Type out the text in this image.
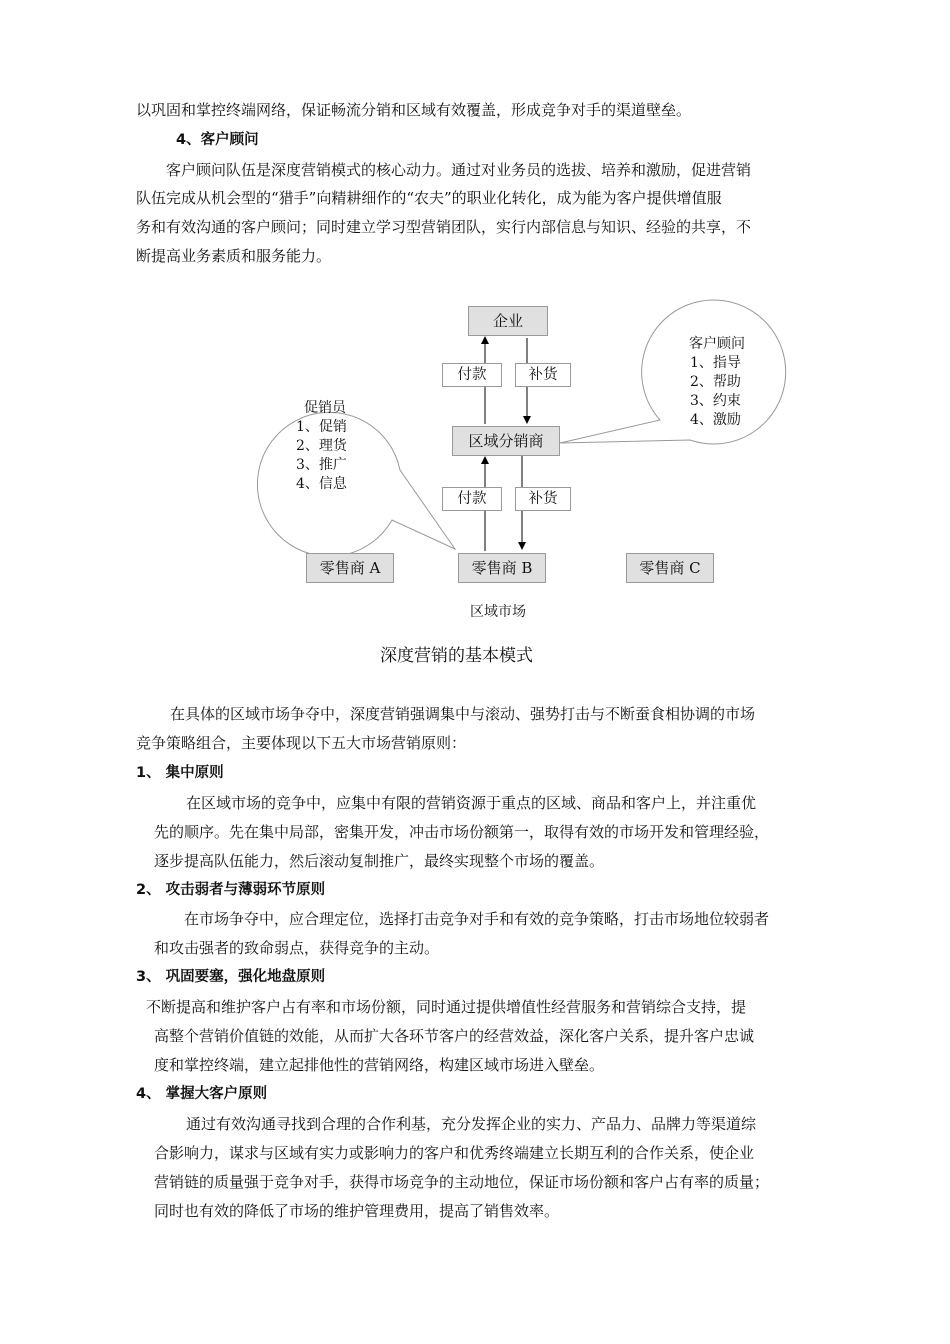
以巩固和掌控终端网络，保证畅流分销和区域有效覆盖，形成竞争对手的渠道壁垒。
4、客户顾问
客户顾问队伍是深度营销模式的核心动力。通过对业务员的选拔、培养和激励，促进营销
队伍完成从机会型的“猎手”向精耕细作的“农夫”的职业化转化，成为能为客户提供增值服
务和有效沟通的客户顾问；同时建立学习型营销团队，实行内部信息与知识、经验的共享，不
断提高业务素质和服务能力。
企业
付款	补货
区域分销商
付款	补货
零售商 A	零售商 B	零售商 C
区域市场
促销员
1、促销
2、理货
3、推广
4、信息
客户顾问
1、指导
2、帮助
3、约束
4、激励
深度营销的基本模式
在具体的区域市场争夺中，深度营销强调集中与滚动、强势打击与不断蚕食相协调的市场
竞争策略组合，主要体现以下五大市场营销原则：
1、 集中原则
在区域市场的竞争中，应集中有限的营销资源于重点的区域、商品和客户上，并注重优
先的顺序。先在集中局部，密集开发，冲击市场份额第一，取得有效的市场开发和管理经验，
逐步提高队伍能力，然后滚动复制推广，最终实现整个市场的覆盖。
2、 攻击弱者与薄弱环节原则
在市场争夺中，应合理定位，选择打击竞争对手和有效的竞争策略，打击市场地位较弱者
和攻击强者的致命弱点，获得竞争的主动。
3、 巩固要塞，强化地盘原则
不断提高和维护客户占有率和市场份额，同时通过提供增值性经营服务和营销综合支持，提
高整个营销价值链的效能，从而扩大各环节客户的经营效益，深化客户关系，提升客户忠诚
度和掌控终端，建立起排他性的营销网络，构建区域市场进入壁垒。
4、 掌握大客户原则
通过有效沟通寻找到合理的合作利基，充分发挥企业的实力、产品力、品牌力等渠道综
合影响力，谋求与区域有实力或影响力的客户和优秀终端建立长期互利的合作关系，使企业
营销链的质量强于竞争对手，获得市场竞争的主动地位，保证市场份额和客户占有率的质量；
同时也有效的降低了市场的维护管理费用，提高了销售效率。
